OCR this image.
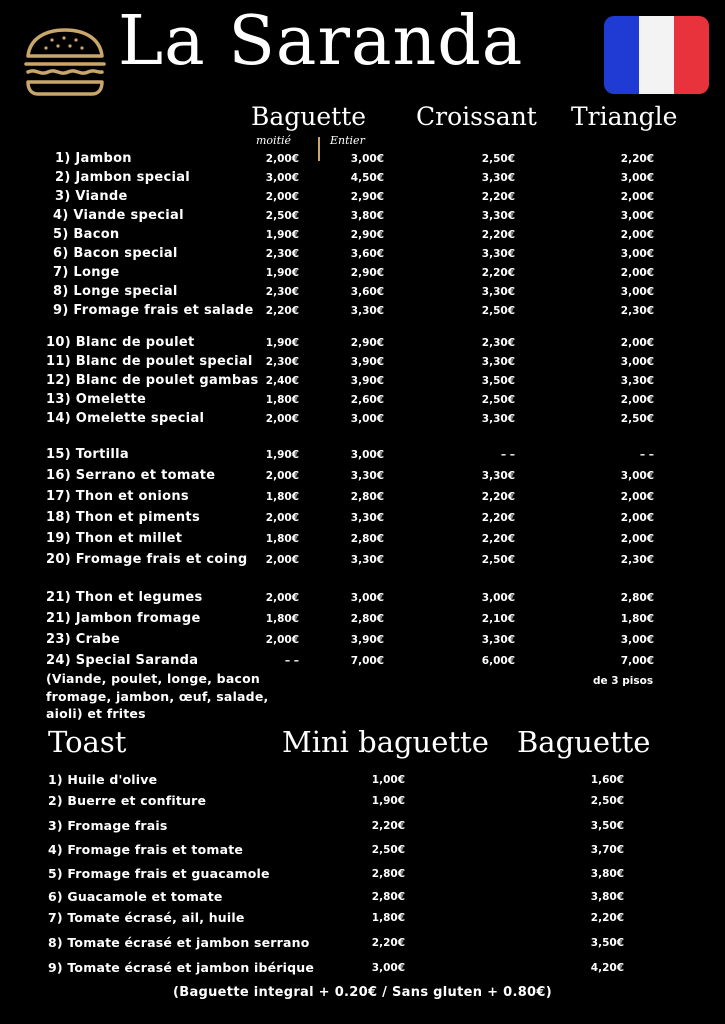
La Saranda
Baguette
moitié	Entier
Croissant Triangle
1) Jambon	2,00€	3,00€	2,50€	2,20€
2) Jambon special	3,00€	4,50€	3,30€	3,00€
3) Viande	2,00€	2,90€	2,20€	2,00€
4) Viande special	2,50€	3,80€	3,30€	3,00€
5) Bacon	1,90€	2,90€	2,20€	2,00€
6) Bacon special	2,30€	3,60€	3,30€	3,00€
7) Longe	1,90€	2,90€	2,20€	2,00€
8) Longe special	2,30€	3,60€	3,30€	3,00€
9) Fromage frais et salade 2,20€	3,30€	2,50€	2,30€
10) Blanc de poulet	1,90€	2,90€	2,30€	2,00€
11) Blanc de poulet special 2,30€	3,90€	3,30€	3,00€
12) Blanc de poulet gambas 2,40€	3,90€	3,50€	3,30€
13) Omelette	1,80€	2,60€	2,50€	2,00€
14) Omelette special	2,00€	3,00€	3,30€	2,50€
15) Tortilla	1,90€	3,00€	– –	– –
16) Serrano et tomate	2,00€	3,30€	3,30€	3,00€
17) Thon et onions	1,80€	2,80€	2,20€	2,00€
18) Thon et piments	2,00€	3,30€	2,20€	2,00€
19) Thon et millet	1,80€	2,80€	2,20€	2,00€
20) Fromage frais et coing 2,00€	3,30€	2,50€	2,30€
21) Thon et legumes	2,00€	3,00€	3,00€	2,80€
21) Jambon fromage	1,80€	2,80€	2,10€	1,80€
23) Crabe	2,00€	3,90€	3,30€	3,00€
24) Special Saranda	– –	7,00€	6,00€	7,00€
(Viande, poulet, longe, bacon fromage, jambon, œuf, salade, aioli) et frites
de 3 pisos
Toast	Mini baguette Baguette
1) Huile d'olive	1,00€	1,60€
2) Buerre et confiture	1,90€	2,50€
3) Fromage frais	2,20€	3,50€
4) Fromage frais et tomate	2,50€	3,70€
5) Fromage frais et guacamole	2,80€	3,80€
6) Guacamole et tomate	2,80€	3,80€
7) Tomate écrasé, ail, huile	1,80€	2,20€
8) Tomate écrasé et jambon serrano	2,20€	3,50€
9) Tomate écrasé et jambon ibérique	3,00€	4,20€
(Baguette integral + 0.20€ / Sans gluten + 0.80€)
